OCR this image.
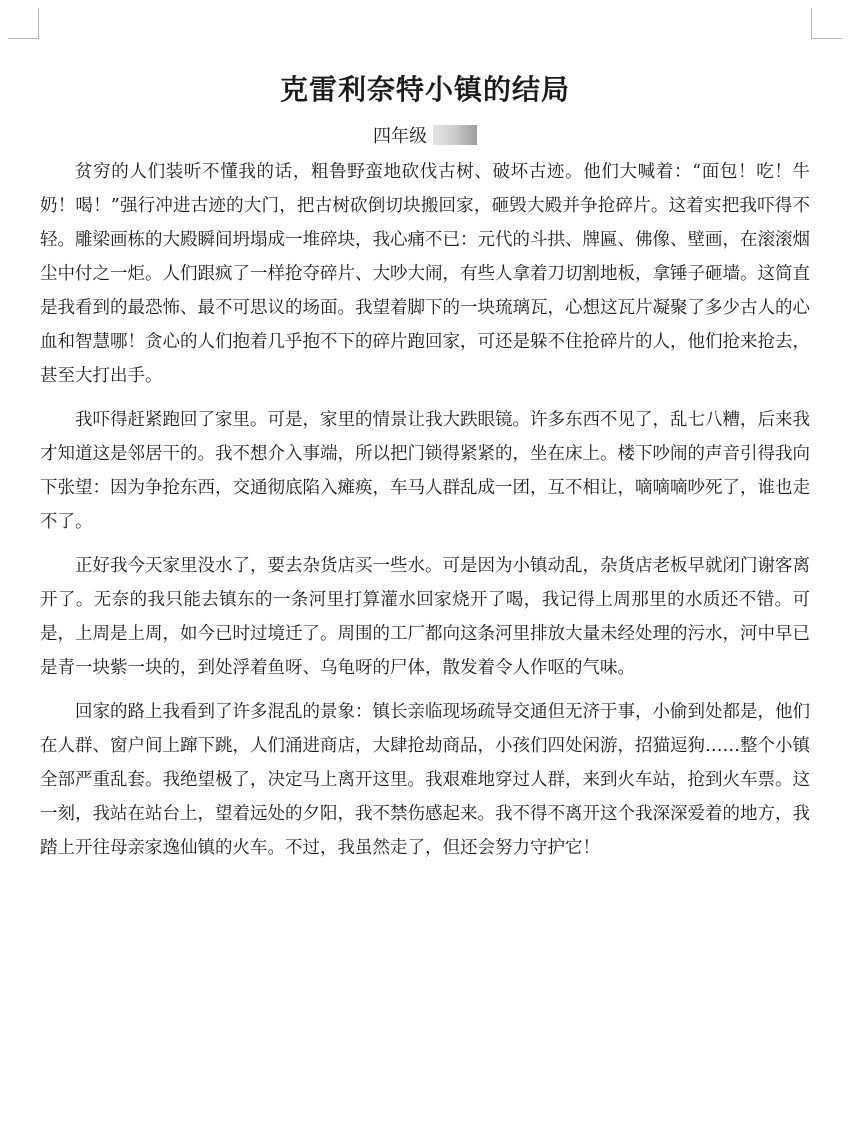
克雷利奈特小镇的结局
四年级

贫穷的人们装听不懂我的话，粗鲁野蛮地砍伐古树、破坏古迹。他们大喊着：“面包！吃！牛奶！喝！”强行冲进古迹的大门，把古树砍倒切块搬回家，砸毁大殿并争抢碎片。这着实把我吓得不轻。雕梁画栋的大殿瞬间坍塌成一堆碎块，我心痛不已：元代的斗拱、牌匾、佛像、壁画，在滚滚烟尘中付之一炬。人们跟疯了一样抢夺碎片、大吵大闹，有些人拿着刀切割地板，拿锤子砸墙。这简直是我看到的最恐怖、最不可思议的场面。我望着脚下的一块琉璃瓦，心想这瓦片凝聚了多少古人的心血和智慧哪！贪心的人们抱着几乎抱不下的碎片跑回家，可还是躲不住抢碎片的人，他们抢来抢去，甚至大打出手。

我吓得赶紧跑回了家里。可是，家里的情景让我大跌眼镜。许多东西不见了，乱七八糟，后来我才知道这是邻居干的。我不想介入事端，所以把门锁得紧紧的，坐在床上。楼下吵闹的声音引得我向下张望：因为争抢东西，交通彻底陷入瘫痪，车马人群乱成一团，互不相让，嘀嘀嘀吵死了，谁也走不了。

正好我今天家里没水了，要去杂货店买一些水。可是因为小镇动乱，杂货店老板早就闭门谢客离开了。无奈的我只能去镇东的一条河里打算灌水回家烧开了喝，我记得上周那里的水质还不错。可是，上周是上周，如今已时过境迁了。周围的工厂都向这条河里排放大量未经处理的污水，河中早已是青一块紫一块的，到处浮着鱼呀、乌龟呀的尸体，散发着令人作呕的气味。

回家的路上我看到了许多混乱的景象：镇长亲临现场疏导交通但无济于事，小偷到处都是，他们在人群、窗户间上蹿下跳，人们涌进商店，大肆抢劫商品，小孩们四处闲游，招猫逗狗……整个小镇全部严重乱套。我绝望极了，决定马上离开这里。我艰难地穿过人群，来到火车站，抢到火车票。这一刻，我站在站台上，望着远处的夕阳，我不禁伤感起来。我不得不离开这个我深深爱着的地方，我踏上开往母亲家逸仙镇的火车。不过，我虽然走了，但还会努力守护它！
